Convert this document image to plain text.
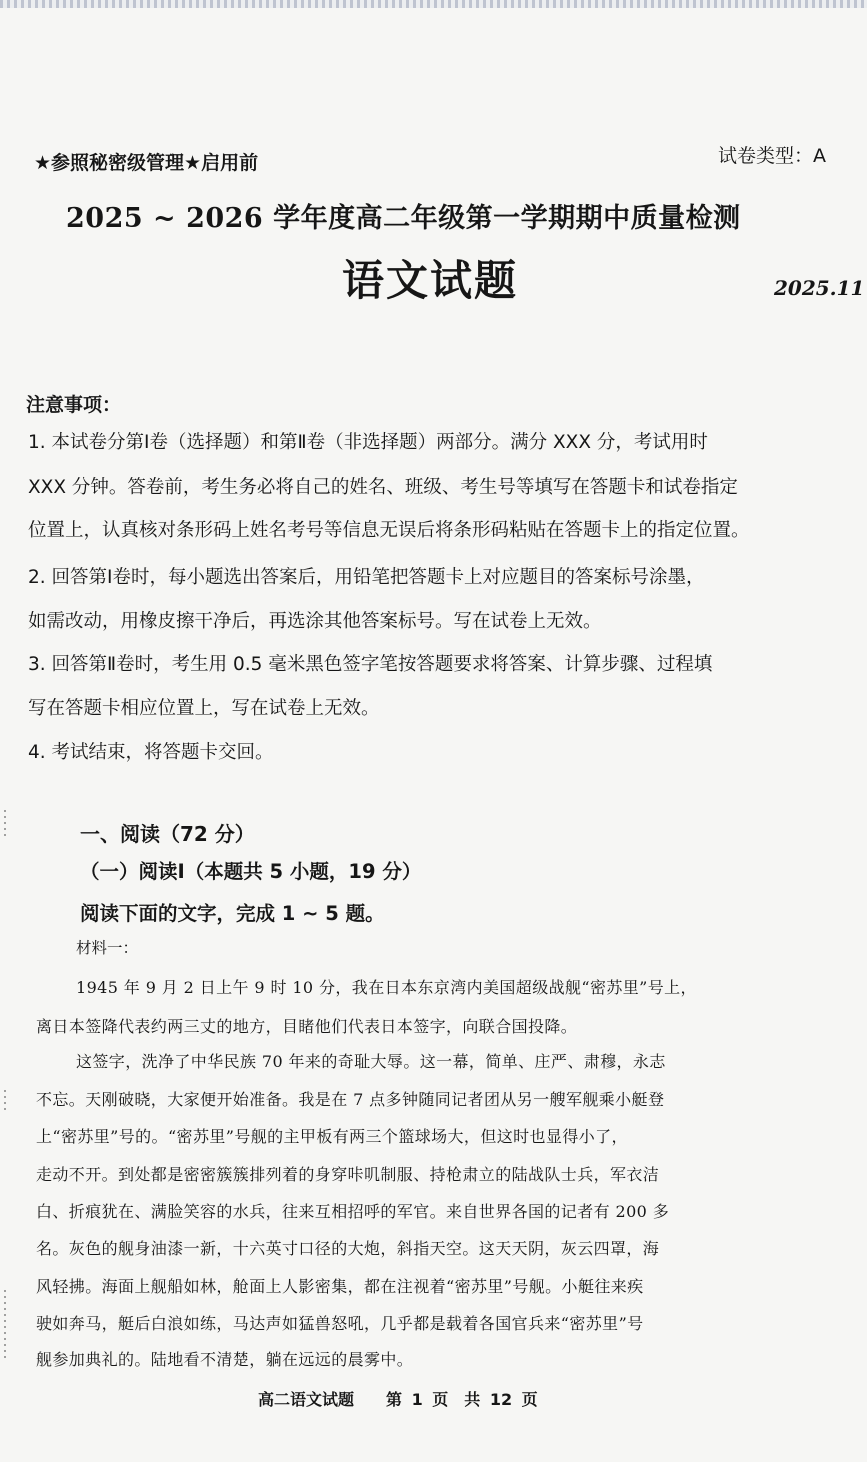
★参照秘密级管理★启用前	试卷类型：A
2025 ~ 2026 学年度高二年级第一学期期中质量检测
语文试题	2025.11
注意事项：
1. 本试卷分第Ⅰ卷（选择题）和第Ⅱ卷（非选择题）两部分。满分 XXX 分，考试用时
XXX 分钟。答卷前，考生务必将自己的姓名、班级、考生号等填写在答题卡和试卷指定
位置上，认真核对条形码上姓名考号等信息无误后将条形码粘贴在答题卡上的指定位置。
2. 回答第Ⅰ卷时，每小题选出答案后，用铅笔把答题卡上对应题目的答案标号涂墨，
如需改动，用橡皮擦干净后，再选涂其他答案标号。写在试卷上无效。
3. 回答第Ⅱ卷时，考生用 0.5 毫米黑色签字笔按答题要求将答案、计算步骤、过程填
写在答题卡相应位置上，写在试卷上无效。
4. 考试结束，将答题卡交回。
一、阅读（72 分）
（一）阅读Ⅰ（本题共 5 小题，19 分）
阅读下面的文字，完成 1 ~ 5 题。
材料一：
1945 年 9 月 2 日上午 9 时 10 分，我在日本东京湾内美国超级战舰“密苏里”号上，
离日本签降代表约两三丈的地方，目睹他们代表日本签字，向联合国投降。
这签字，洗净了中华民族 70 年来的奇耻大辱。这一幕，简单、庄严、肃穆，永志
不忘。天刚破晓，大家便开始准备。我是在 7 点多钟随同记者团从另一艘军舰乘小艇登
上“密苏里”号的。“密苏里”号舰的主甲板有两三个篮球场大，但这时也显得小了，
走动不开。到处都是密密簇簇排列着的身穿咔叽制服、持枪肃立的陆战队士兵，军衣洁
白、折痕犹在、满脸笑容的水兵，往来互相招呼的军官。来自世界各国的记者有 200 多
名。灰色的舰身油漆一新，十六英寸口径的大炮，斜指天空。这天天阴，灰云四罩，海
风轻拂。海面上舰船如林，舱面上人影密集，都在注视着“密苏里”号舰。小艇往来疾
驶如奔马，艇后白浪如练，马达声如猛兽怒吼，几乎都是载着各国官兵来“密苏里”号
舰参加典礼的。陆地看不清楚，躺在远远的晨雾中。
高二语文试题　　第 1 页　共 12 页
